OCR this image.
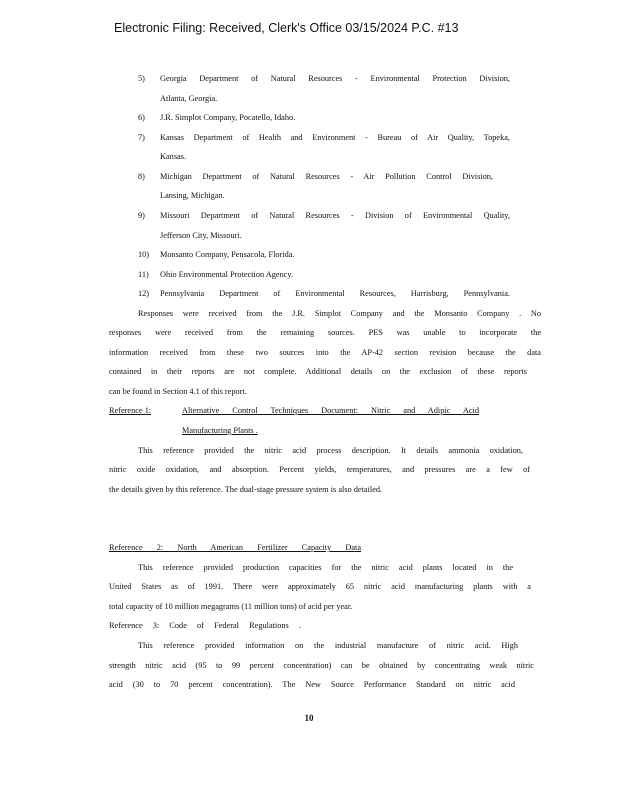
Electronic Filing: Received, Clerk's Office 03/15/2024 P.C. #13
5) Georgia Department of Natural Resources - Environmental Protection Division,
Atlanta, Georgia.
6) J.R. Simplot Company, Pocatello, Idaho.
7) Kansas Department of Health and Environment - Bureau of Air Quality, Topeka,
Kansas.
8) Michigan Department of Natural Resources - Air Pollution Control Division,
Lansing, Michigan.
9) Missouri Department of Natural Resources - Division of Environmental Quality,
Jefferson City, Missouri.
10) Monsanto Company, Pensacola, Florida.
11) Ohio Environmental Protection Agency.
12) Pennsylvania Department of Environmental Resources, Harrisburg, Pennsylvania.
Responses were received from the J.R. Simplot Company and the Monsanto Company . No
responses were received from the remaining sources. PES was unable to incorporate the
information received from these two sources into the AP-42 section revision because the data
contained in their reports are not complete. Additional details on the exclusion of these reports
can be found in Section 4.1 of this report.
Reference 1:	Alternative Control Techniques Document: Nitric and Adipic Acid
Manufacturing Plants .
This reference provided the nitric acid process description. It details ammonia oxidation,
nitric oxide oxidation, and absorption. Percent yields, temperatures, and pressures are a few of
the details given by this reference. The dual-stage pressure system is also detailed.
Reference 2: North American Fertilizer Capacity Data
This reference provided production capacities for the nitric acid plants located in the
United States as of 1991. There were approximately 65 nitric acid manufacturing plants with a
total capacity of 10 million megagrams (11 million tons) of acid per year.
Reference 3: Code of Federal Regulations .
This reference provided information on the industrial manufacture of nitric acid. High
strength nitric acid (95 to 99 percent concentration) can be obtained by concentrating weak nitric
acid (30 to 70 percent concentration). The New Source Performance Standard on nitric acid
10
